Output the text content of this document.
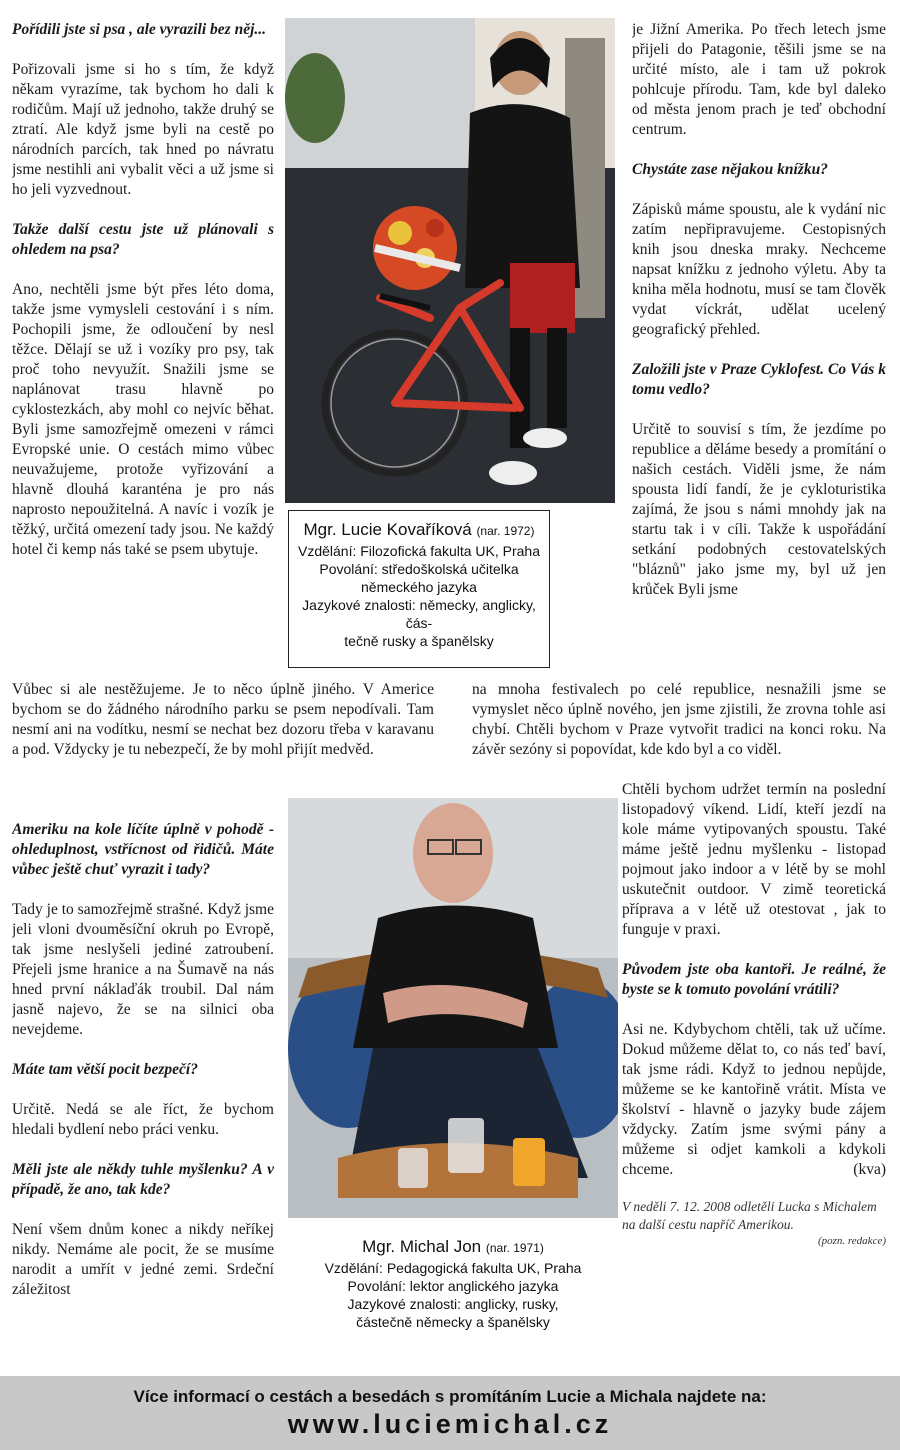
Pořídili jste si psa , ale vyrazili bez něj...

Pořizovali jsme si ho s tím, že když někam vyrazíme, tak bychom ho dali k rodičům. Mají už jednoho, takže druhý se ztratí. Ale když jsme byli na cestě po národních parcích, tak hned po návratu jsme nestihli ani vybalit věci a už jsme si ho jeli vyzvednout.

Takže další cestu jste už plánovali s ohledem na psa?

Ano, nechtěli jsme být přes léto doma, takže jsme vymysleli cestování i s ním. Pochopili jsme, že odloučení by nesl těžce. Dělají se už i vozíky pro psy, tak proč toho nevyužít. Snažili jsme se naplánovat trasu hlavně po cyklostezkách, aby mohl co nejvíc běhat. Byli jsme samozřejmě omezeni v rámci Evropské unie. O cestách mimo vůbec neuvažujeme, protože vyřizování a hlavně dlouhá karanténa je pro nás naprosto nepoužitelná. A navíc i vozík je těžký, určitá omezení tady jsou. Ne každý hotel či kemp nás také se psem ubytuje.

Vůbec si ale nestěžujeme. Je to něco úplně jiného. V Americe bychom se do žádného národního parku se psem nepodívali. Tam nesmí ani na vodítku, nesmí se nechat bez dozoru třeba v karavanu a pod. Vždycky je tu nebezpečí, že by mohl přijít medvěd.

Ameriku na kole líčíte úplně v pohodě - ohleduplnost, vstřícnost od řidičů. Máte vůbec ještě chuť vyrazit i tady?

Tady je to samozřejmě strašné. Když jsme jeli vloni dvouměsíční okruh po Evropě, tak jsme neslyšeli jediné zatroubení. Přejeli jsme hranice a na Šumavě na nás hned první náklaďák troubil. Dal nám jasně najevo, že se na silnici oba nevejdeme.

Máte tam větší pocit bezpečí?

Určitě. Nedá se ale říct, že bychom hledali bydlení nebo práci venku.

Měli jste ale někdy tuhle myšlenku? A v případě, že ano, tak kde?

Není všem dnům konec a nikdy neříkej nikdy. Nemáme ale pocit, že se musíme narodit a umřít v jedné zemi. Srdeční záležitost

Mgr. Lucie Kovaříková (nar. 1972)
Vzdělání: Filozofická fakulta UK, Praha
Povolání: středoškolská učitelka
německého jazyka
Jazykové znalosti: německy, anglicky, čás-
tečně rusky a španělsky

je Jižní Amerika. Po třech letech jsme přijeli do Patagonie, těšili jsme se na určité místo, ale i tam už pokrok pohlcuje přírodu. Tam, kde byl daleko od města jenom prach je teď obchodní centrum.

Chystáte zase nějakou knížku?

Zápisků máme spoustu, ale k vydání nic zatím nepřipravujeme. Cestopisných knih jsou dneska mraky. Nechceme napsat knížku z jednoho výletu. Aby ta kniha měla hodnotu, musí se tam člověk vydat víckrát, udělat ucelený geografický přehled.

Založili jste v Praze Cyklofest. Co Vás k tomu vedlo?

Určitě to souvisí s tím, že jezdíme po republice a děláme besedy a promítání o našich cestách. Viděli jsme, že nám spousta lidí fandí, že je cykloturistika zajímá, že jsou s námi mnohdy jak na startu tak i v cíli. Takže k uspořádání setkání podobných cestovatelských "bláznů" jako jsme my, byl už jen krůček Byli jsme

na mnoha festivalech po celé republice, nesnažili jsme se vymyslet něco úplně nového, jen jsme zjistili, že zrovna tohle asi chybí. Chtěli bychom v Praze vytvořit tradici na konci roku. Na závěr sezóny si popovídat, kde kdo byl a co viděl.

Chtěli bychom udržet termín na poslední listopadový víkend. Lidí, kteří jezdí na kole máme vytipovaných spoustu. Také máme ještě jednu myšlenku - listopad pojmout jako indoor a v létě by se mohl uskutečnit outdoor. V zimě teoretická příprava a v létě už otestovat , jak to funguje v praxi.

Původem jste oba kantoři. Je reálné, že byste se k tomuto povolání vrátili?

Asi ne. Kdybychom chtěli, tak už učíme. Dokud můžeme dělat to, co nás teď baví, tak jsme rádi. Když to jednou nepůjde, můžeme se ke kantořině vrátit. Místa ve školství - hlavně o jazyky bude zájem vždycky. Zatím jsme svými pány a můžeme si odjet kamkoli a kdykoli chceme.	(kva)

V neděli 7. 12. 2008 odletěli Lucka s Michalem na další cestu napříč Amerikou.

(pozn. redakce)

Mgr. Michal Jon (nar. 1971)
Vzdělání: Pedagogická fakulta UK, Praha
Povolání: lektor anglického jazyka
Jazykové znalosti: anglicky, rusky,
částečně německy a španělsky
Více informací o cestách a besedách s promítáním Lucie a Michala najdete na:
www.luciemichal.cz
